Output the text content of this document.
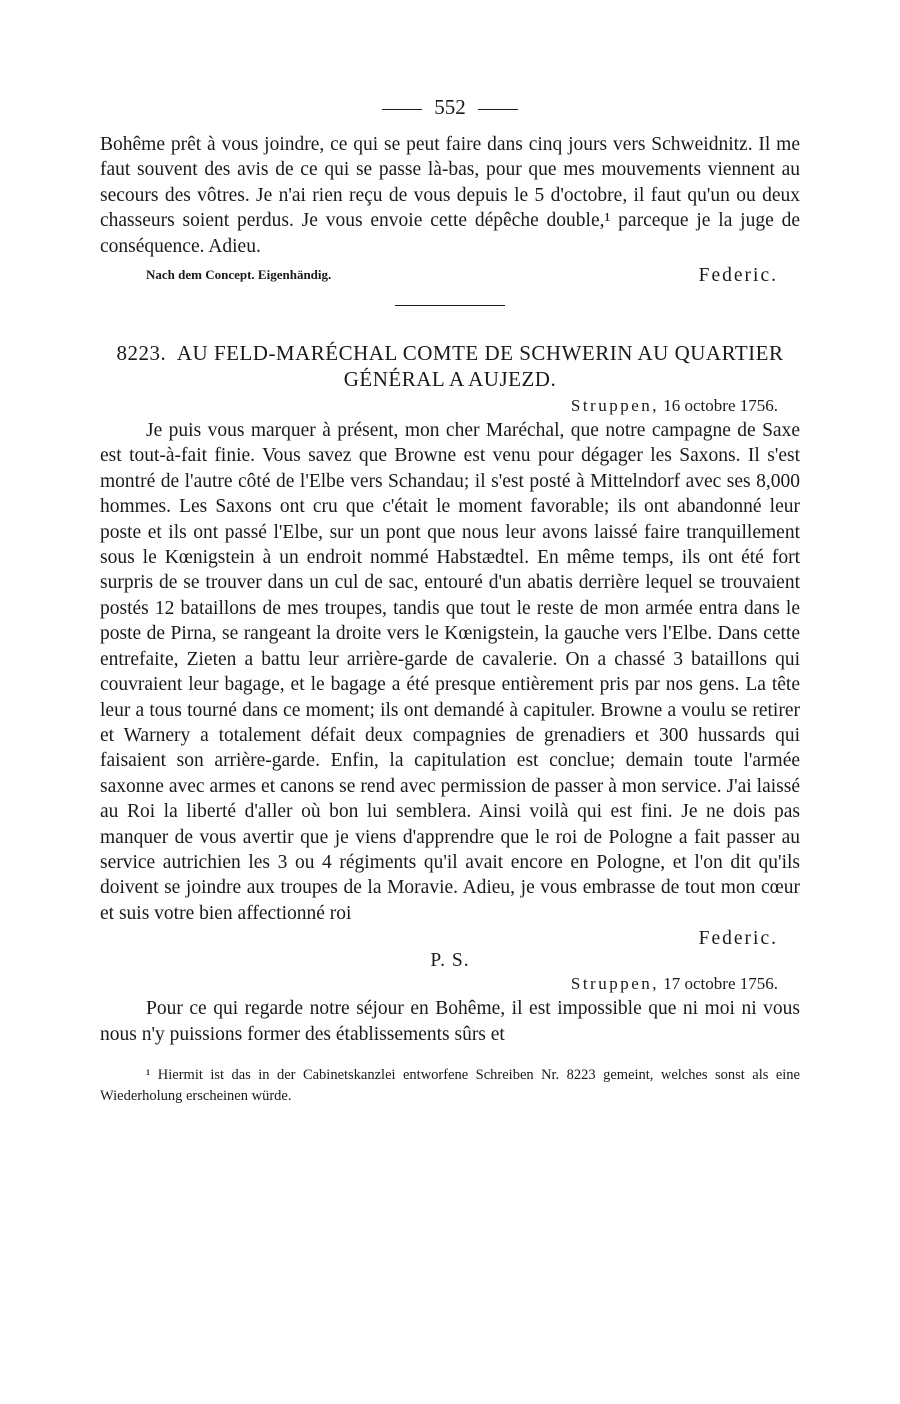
552

Bohême prêt à vous joindre, ce qui se peut faire dans cinq jours vers Schweidnitz. Il me faut souvent des avis de ce qui se passe là-bas, pour que mes mouvements viennent au secours des vôtres. Je n'ai rien reçu de vous depuis le 5 d'octobre, il faut qu'un ou deux chasseurs soient perdus. Je vous envoie cette dépêche double,¹ parceque je la juge de conséquence. Adieu.

Nach dem Concept. Eigenhändig.	Federic.
8223. AU FELD-MARÉCHAL COMTE DE SCHWERIN AU QUARTIER GÉNÉRAL A AUJEZD.
Struppen, 16 octobre 1756.

Je puis vous marquer à présent, mon cher Maréchal, que notre campagne de Saxe est tout-à-fait finie. Vous savez que Browne est venu pour dégager les Saxons. Il s'est montré de l'autre côté de l'Elbe vers Schandau; il s'est posté à Mittelndorf avec ses 8,000 hommes. Les Saxons ont cru que c'était le moment favorable; ils ont abandonné leur poste et ils ont passé l'Elbe, sur un pont que nous leur avons laissé faire tranquillement sous le Kœnigstein à un endroit nommé Habstædtel. En même temps, ils ont été fort surpris de se trouver dans un cul de sac, entouré d'un abatis derrière lequel se trouvaient postés 12 bataillons de mes troupes, tandis que tout le reste de mon armée entra dans le poste de Pirna, se rangeant la droite vers le Kœnigstein, la gauche vers l'Elbe. Dans cette entrefaite, Zieten a battu leur arrière-garde de cavalerie. On a chassé 3 bataillons qui couvraient leur bagage, et le bagage a été presque entièrement pris par nos gens. La tête leur a tous tourné dans ce moment; ils ont demandé à capituler. Browne a voulu se retirer et Warnery a totalement défait deux compagnies de grenadiers et 300 hussards qui faisaient son arrière-garde. Enfin, la capitulation est conclue; demain toute l'armée saxonne avec armes et canons se rend avec permission de passer à mon service. J'ai laissé au Roi la liberté d'aller où bon lui semblera. Ainsi voilà qui est fini. Je ne dois pas manquer de vous avertir que je viens d'apprendre que le roi de Pologne a fait passer au service autrichien les 3 ou 4 régiments qu'il avait encore en Pologne, et l'on dit qu'ils doivent se joindre aux troupes de la Moravie. Adieu, je vous embrasse de tout mon cœur et suis votre bien affectionné roi

Federic.
P. S.
Struppen, 17 octobre 1756.

Pour ce qui regarde notre séjour en Bohême, il est impossible que ni moi ni vous nous n'y puissions former des établissements sûrs et

¹ Hiermit ist das in der Cabinetskanzlei entworfene Schreiben Nr. 8223 gemeint, welches sonst als eine Wiederholung erscheinen würde.
